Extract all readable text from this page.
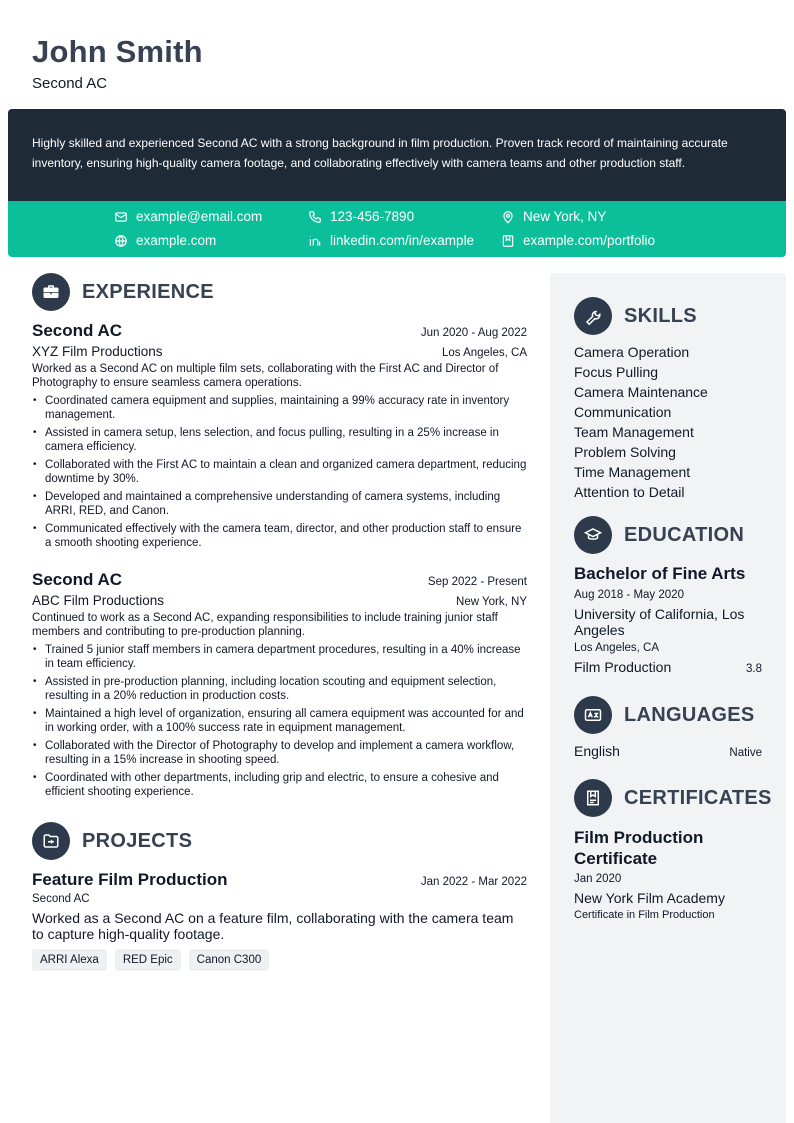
John Smith
Second AC

Highly skilled and experienced Second AC with a strong background in film production. Proven track record of maintaining accurate inventory, ensuring high-quality camera footage, and collaborating effectively with camera teams and other production staff.

example@email.com	123-456-7890	New York, NY
example.com	linkedin.com/in/example	example.com/portfolio
EXPERIENCE
Second AC	Jun 2020 - Aug 2022
XYZ Film Productions	Los Angeles, CA

Worked as a Second AC on multiple film sets, collaborating with the First AC and Director of Photography to ensure seamless camera operations.

• Coordinated camera equipment and supplies, maintaining a 99% accuracy rate in inventory management.
• Assisted in camera setup, lens selection, and focus pulling, resulting in a 25% increase in camera efficiency.
• Collaborated with the First AC to maintain a clean and organized camera department, reducing downtime by 30%.
• Developed and maintained a comprehensive understanding of camera systems, including ARRI, RED, and Canon.
• Communicated effectively with the camera team, director, and other production staff to ensure a smooth shooting experience.
Second AC	Sep 2022 - Present
ABC Film Productions	New York, NY

Continued to work as a Second AC, expanding responsibilities to include training junior staff members and contributing to pre-production planning.

• Trained 5 junior staff members in camera department procedures, resulting in a 40% increase in team efficiency.
• Assisted in pre-production planning, including location scouting and equipment selection, resulting in a 20% reduction in production costs.
• Maintained a high level of organization, ensuring all camera equipment was accounted for and in working order, with a 100% success rate in equipment management.
• Collaborated with the Director of Photography to develop and implement a camera workflow, resulting in a 15% increase in shooting speed.
• Coordinated with other departments, including grip and electric, to ensure a cohesive and efficient shooting experience.
PROJECTS
Feature Film Production	Jan 2022 - Mar 2022
Second AC

Worked as a Second AC on a feature film, collaborating with the camera team to capture high-quality footage.

ARRI Alexa	RED Epic	Canon C300
SKILLS
Camera Operation
Focus Pulling
Camera Maintenance
Communication
Team Management
Problem Solving
Time Management
Attention to Detail
EDUCATION
Bachelor of Fine Arts
Aug 2018 - May 2020
University of California, Los Angeles
Los Angeles, CA
Film Production	3.8
LANGUAGES
English	Native
CERTIFICATES
Film Production Certificate
Jan 2020
New York Film Academy
Certificate in Film Production
